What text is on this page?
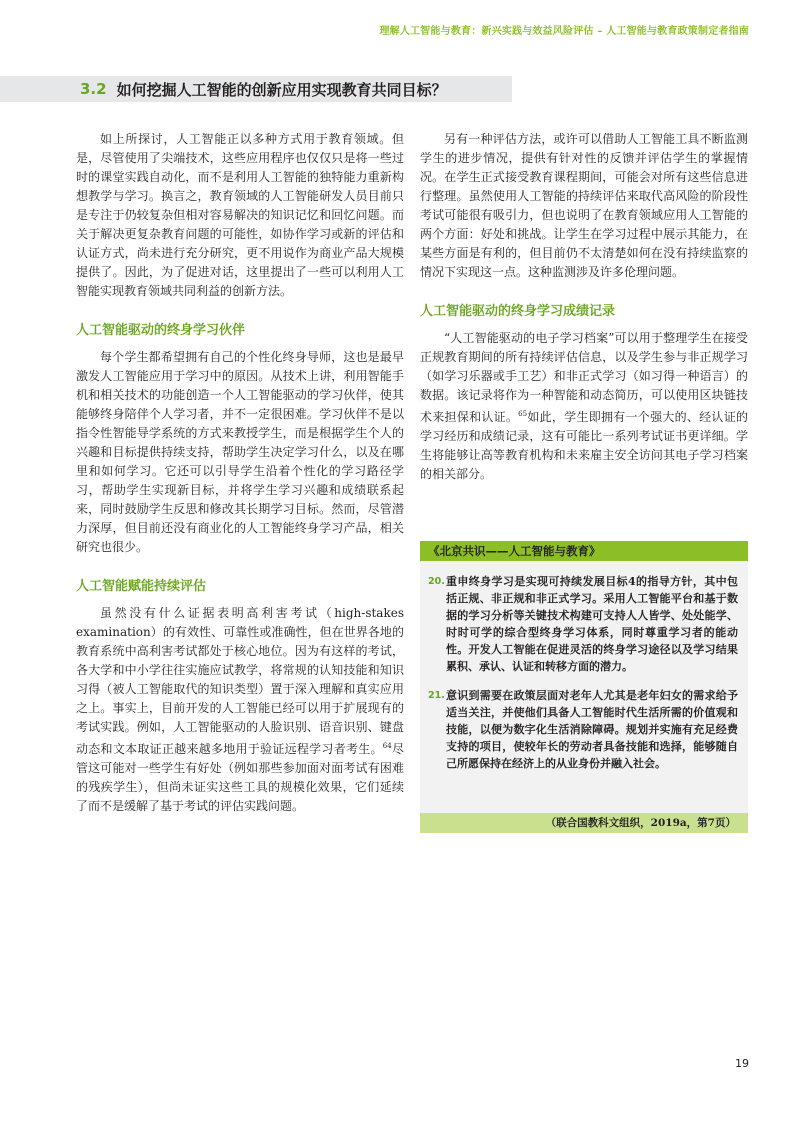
理解人工智能与教育：新兴实践与效益风险评估 – 人工智能与教育政策制定者指南
3.2 如何挖掘人工智能的创新应用实现教育共同目标？

如上所探讨，人工智能正以多种方式用于教育领域。但是，尽管使用了尖端技术，这些应用程序也仅仅只是将一些过时的课堂实践自动化，而不是利用人工智能的独特能力重新构想教学与学习。换言之，教育领域的人工智能研发人员目前只是专注于仍较复杂但相对容易解决的知识记忆和回忆问题。而关于解决更复杂教育问题的可能性，如协作学习或新的评估和认证方式，尚未进行充分研究，更不用说作为商业产品大规模提供了。因此，为了促进对话，这里提出了一些可以利用人工智能实现教育领域共同利益的创新方法。

人工智能驱动的终身学习伙伴

每个学生都希望拥有自己的个性化终身导师，这也是最早激发人工智能应用于学习中的原因。从技术上讲，利用智能手机和相关技术的功能创造一个人工智能驱动的学习伙伴，使其能够终身陪伴个人学习者，并不一定很困难。学习伙伴不是以指令性智能导学系统的方式来教授学生，而是根据学生个人的兴趣和目标提供持续支持，帮助学生决定学习什么，以及在哪里和如何学习。它还可以引导学生沿着个性化的学习路径学习，帮助学生实现新目标，并将学生学习兴趣和成绩联系起来，同时鼓励学生反思和修改其长期学习目标。然而，尽管潜力深厚，但目前还没有商业化的人工智能终身学习产品，相关研究也很少。

人工智能赋能持续评估

虽然没有什么证据表明高利害考试（high-stakes examination）的有效性、可靠性或准确性，但在世界各地的教育系统中高利害考试都处于核心地位。因为有这样的考试，各大学和中小学往往实施应试教学，将常规的认知技能和知识习得（被人工智能取代的知识类型）置于深入理解和真实应用之上。事实上，目前开发的人工智能已经可以用于扩展现有的考试实践。例如，人工智能驱动的人脸识别、语音识别、键盘动态和文本取证正越来越多地用于验证远程学习者考生。$^{64}$尽管这可能对一些学生有好处（例如那些参加面对面考试有困难的残疾学生），但尚未证实这些工具的规模化效果，它们延续了而不是缓解了基于考试的评估实践问题。

另有一种评估方法，或许可以借助人工智能工具不断监测学生的进步情况，提供有针对性的反馈并评估学生的掌握情况。在学生正式接受教育课程期间，可能会对所有这些信息进行整理。虽然使用人工智能的持续评估来取代高风险的阶段性考试可能很有吸引力，但也说明了在教育领域应用人工智能的两个方面：好处和挑战。让学生在学习过程中展示其能力，在某些方面是有利的，但目前仍不太清楚如何在没有持续监察的情况下实现这一点。这种监测涉及许多伦理问题。

人工智能驱动的终身学习成绩记录

“人工智能驱动的电子学习档案”可以用于整理学生在接受正规教育期间的所有持续评估信息，以及学生参与非正规学习（如学习乐器或手工艺）和非正式学习（如习得一种语言）的数据。该记录将作为一种智能和动态简历，可以使用区块链技术来担保和认证。$^{65}$如此，学生即拥有一个强大的、经认证的学习经历和成绩记录，这有可能比一系列考试证书更详细。学生将能够让高等教育机构和未来雇主安全访问其电子学习档案的相关部分。

《北京共识——人工智能与教育》
20. 重申终身学习是实现可持续发展目标4的指导方针，其中包括正规、非正规和非正式学习。采用人工智能平台和基于数据的学习分析等关键技术构建可支持人人皆学、处处能学、时时可学的综合型终身学习体系，同时尊重学习者的能动性。开发人工智能在促进灵活的终身学习途径以及学习结果累积、承认、认证和转移方面的潜力。
21. 意识到需要在政策层面对老年人尤其是老年妇女的需求给予适当关注，并使他们具备人工智能时代生活所需的价值观和技能，以便为数字化生活消除障碍。规划并实施有充足经费支持的项目，使较年长的劳动者具备技能和选择，能够随自己所愿保持在经济上的从业身份并融入社会。
（联合国教科文组织，2019a，第7页）
19
